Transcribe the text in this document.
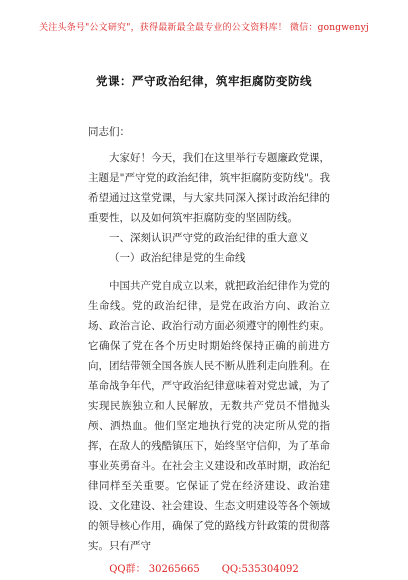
关注头条号"公文研究"，获得最新最全最专业的公文资料库！ 微信：gongwenyj
党课：严守政治纪律，筑牢拒腐防变防线

同志们：

大家好！今天，我们在这里举行专题廉政党课，主题是"严守党的政治纪律，筑牢拒腐防变防线"。我希望通过这堂党课，与大家共同深入探讨政治纪律的重要性，以及如何筑牢拒腐防变的坚固防线。

一、深刻认识严守党的政治纪律的重大意义

（一）政治纪律是党的生命线

中国共产党自成立以来，就把政治纪律作为党的生命线。党的政治纪律，是党在政治方向、政治立场、政治言论、政治行动方面必须遵守的刚性约束。它确保了党在各个历史时期始终保持正确的前进方向，团结带领全国各族人民不断从胜利走向胜利。在革命战争年代，严守政治纪律意味着对党忠诚，为了实现民族独立和人民解放，无数共产党员不惜抛头颅、洒热血。他们坚定地执行党的决定所从党的指挥，在敌人的残酷镇压下，始终坚守信仰，为了革命事业英勇奋斗。在社会主义建设和改革时期，政治纪律同样至关重要。它保证了党在经济建设、政治建设、文化建设、社会建设、生态文明建设等各个领域的领导核心作用，确保了党的路线方针政策的贯彻落实。只有严守

QQ群： 30265665 QQ:535304092
